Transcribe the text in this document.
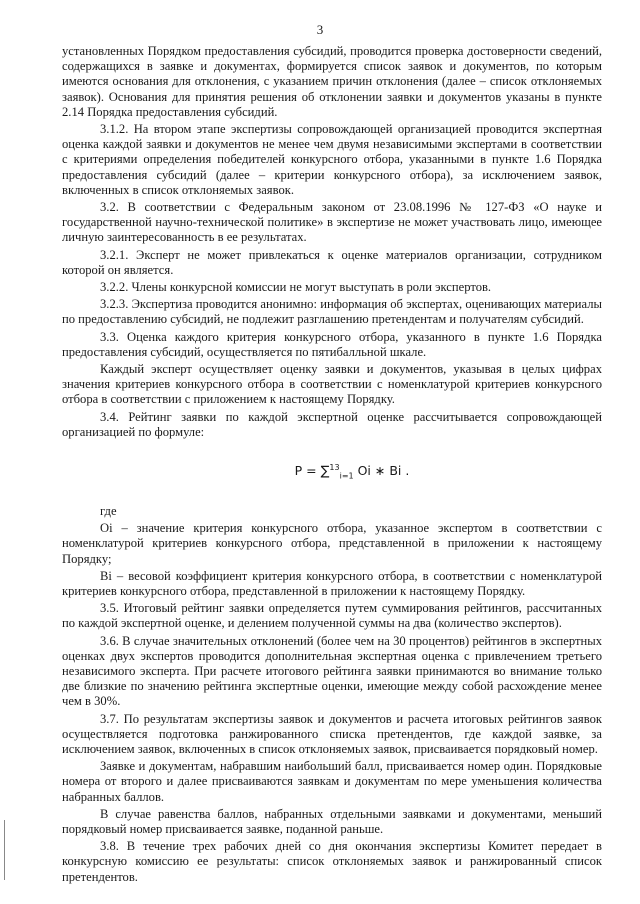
3

установленных Порядком предоставления субсидий, проводится проверка достоверности сведений, содержащихся в заявке и документах, формируется список заявок и документов, по которым имеются основания для отклонения, с указанием причин отклонения (далее – список отклоняемых заявок). Основания для принятия решения об отклонении заявки и документов указаны в пункте 2.14 Порядка предоставления субсидий.

3.1.2. На втором этапе экспертизы сопровождающей организацией проводится экспертная оценка каждой заявки и документов не менее чем двумя независимыми экспертами в соответствии с критериями определения победителей конкурсного отбора, указанными в пункте 1.6 Порядка предоставления субсидий (далее – критерии конкурсного отбора), за исключением заявок, включенных в список отклоняемых заявок.

3.2. В соответствии с Федеральным законом от 23.08.1996 № 127-ФЗ «О науке и государственной научно-технической политике» в экспертизе не может участвовать лицо, имеющее личную заинтересованность в ее результатах.

3.2.1. Эксперт не может привлекаться к оценке материалов организации, сотрудником которой он является.

3.2.2. Члены конкурсной комиссии не могут выступать в роли экспертов.

3.2.3. Экспертиза проводится анонимно: информация об экспертах, оценивающих материалы по предоставлению субсидий, не подлежит разглашению претендентам и получателям субсидий.

3.3. Оценка каждого критерия конкурсного отбора, указанного в пункте 1.6 Порядка предоставления субсидий, осуществляется по пятибалльной шкале.

Каждый эксперт осуществляет оценку заявки и документов, указывая в целых цифрах значения критериев конкурсного отбора в соответствии с номенклатурой критериев конкурсного отбора в соответствии с приложением к настоящему Порядку.

3.4. Рейтинг заявки по каждой экспертной оценке рассчитывается сопровождающей организацией по формуле:

P = ∑$^{13}_{i=1}$ Oi ∗ Bi .

где

Oi – значение критерия конкурсного отбора, указанное экспертом в соответствии с номенклатурой критериев конкурсного отбора, представленной в приложении к настоящему Порядку;

Bi – весовой коэффициент критерия конкурсного отбора, в соответствии с номенклатурой критериев конкурсного отбора, представленной в приложении к настоящему Порядку.

3.5. Итоговый рейтинг заявки определяется путем суммирования рейтингов, рассчитанных по каждой экспертной оценке, и делением полученной суммы на два (количество экспертов).

3.6. В случае значительных отклонений (более чем на 30 процентов) рейтингов в экспертных оценках двух экспертов проводится дополнительная экспертная оценка с привлечением третьего независимого эксперта. При расчете итогового рейтинга заявки принимаются во внимание только две близкие по значению рейтинга экспертные оценки, имеющие между собой расхождение менее чем в 30%.

3.7. По результатам экспертизы заявок и документов и расчета итоговых рейтингов заявок осуществляется подготовка ранжированного списка претендентов, где каждой заявке, за исключением заявок, включенных в список отклоняемых заявок, присваивается порядковый номер.

Заявке и документам, набравшим наибольший балл, присваивается номер один. Порядковые номера от второго и далее присваиваются заявкам и документам по мере уменьшения количества набранных баллов.

В случае равенства баллов, набранных отдельными заявками и документами, меньший порядковый номер присваивается заявке, поданной раньше.

3.8. В течение трех рабочих дней со дня окончания экспертизы Комитет передает в конкурсную комиссию ее результаты: список отклоняемых заявок и ранжированный список претендентов.
